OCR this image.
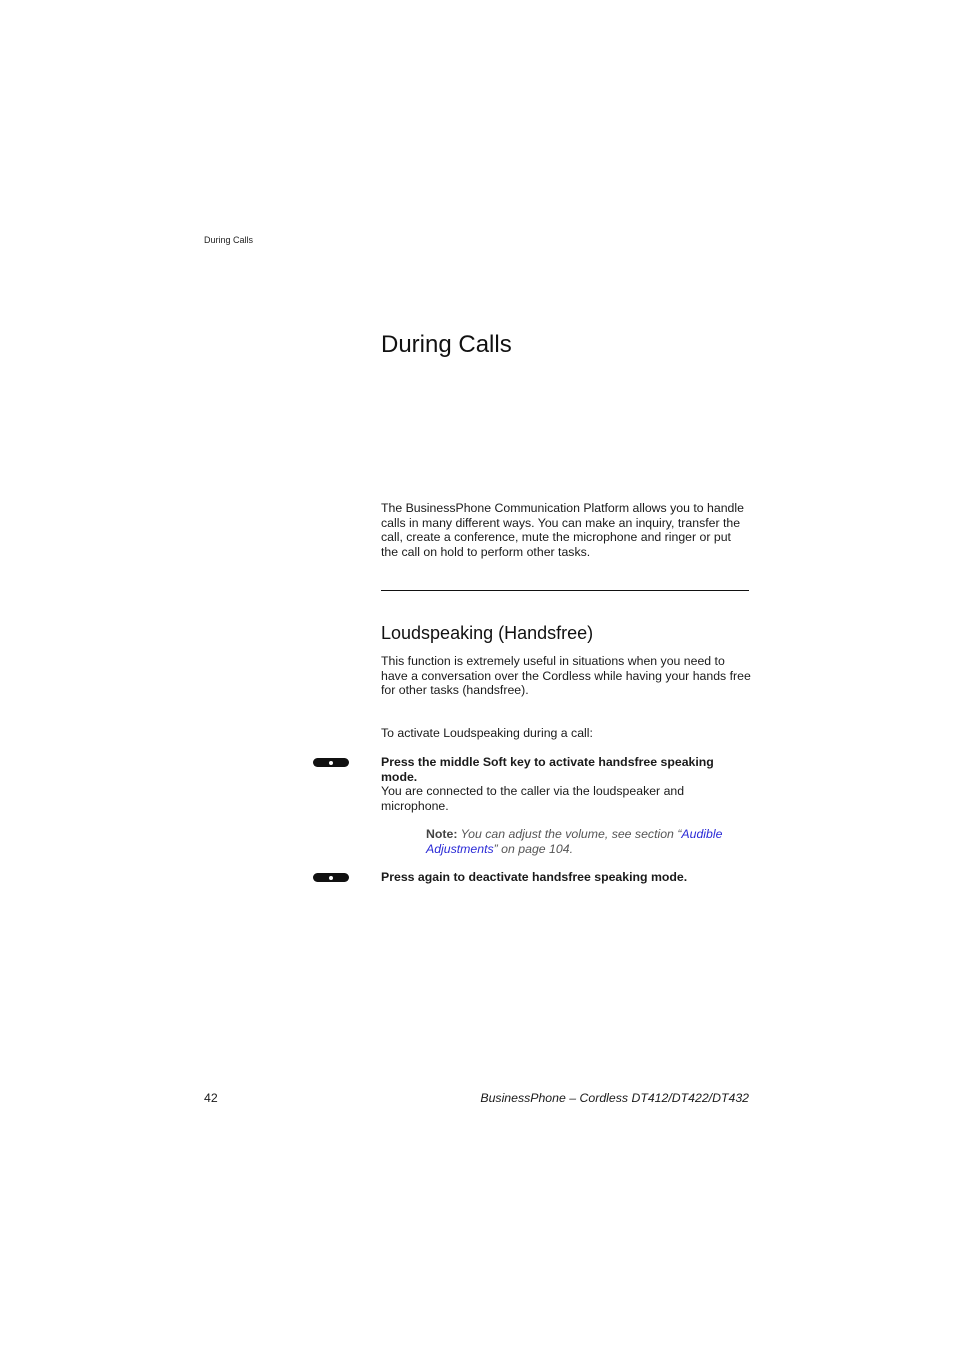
During Calls
During Calls

The BusinessPhone Communication Platform allows you to handle calls in many different ways. You can make an inquiry, transfer the call, create a conference, mute the microphone and ringer or put the call on hold to perform other tasks.

Loudspeaking (Handsfree)

This function is extremely useful in situations when you need to have a conversation over the Cordless while having your hands free for other tasks (handsfree).

To activate Loudspeaking during a call:

Press the middle Soft key to activate handsfree speaking mode.
You are connected to the caller via the loudspeaker and microphone.

Note: You can adjust the volume, see section “Audible Adjustments” on page 104.

Press again to deactivate handsfree speaking mode.
42	BusinessPhone – Cordless DT412/DT422/DT432
